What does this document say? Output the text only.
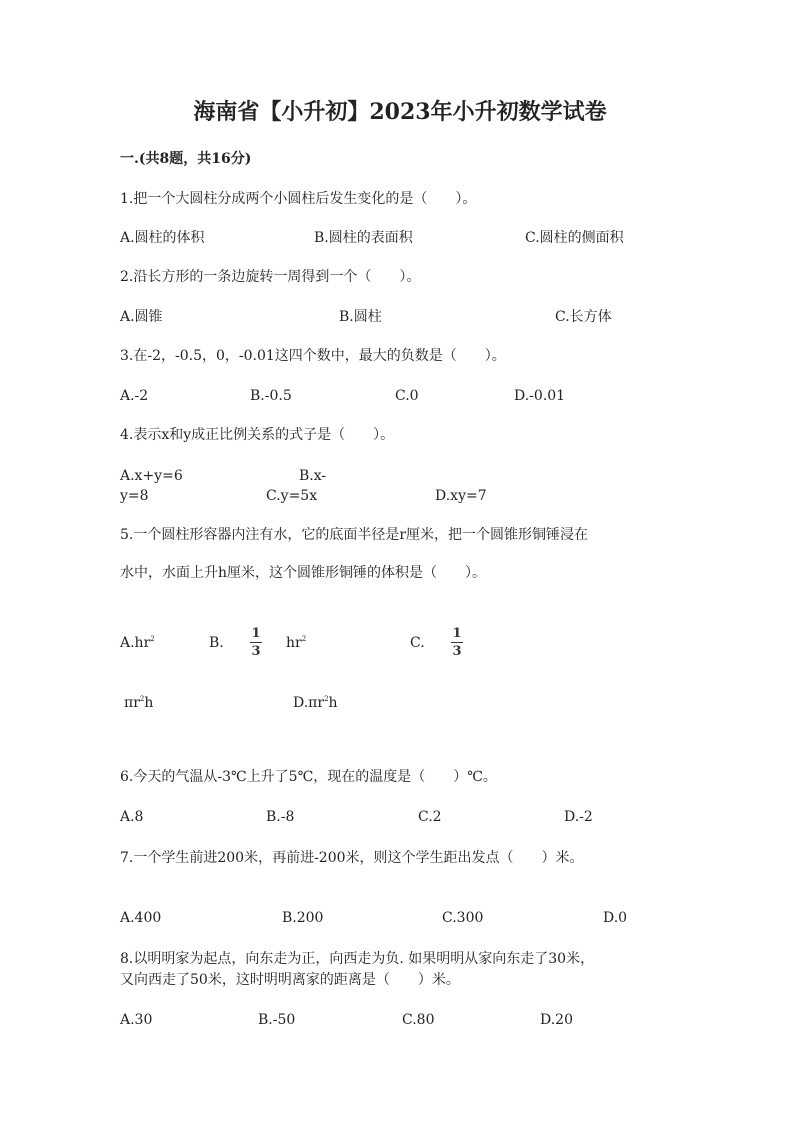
海南省【小升初】2023年小升初数学试卷
一.(共8题，共16分)
1.把一个大圆柱分成两个小圆柱后发生变化的是（　　）。
A.圆柱的体积	B.圆柱的表面积	C.圆柱的侧面积
2.沿长方形的一条边旋转一周得到一个（　　）。
A.圆锥	B.圆柱	C.长方体
3.在-2，-0.5，0，-0.01这四个数中，最大的负数是（　　）。
A.-2	B.-0.5	C.0	D.-0.01
4.表示x和y成正比例关系的式子是（　　）。
A.x+y=6	B.x-
y=8	C.y=5x	D.xy=7
5.一个圆柱形容器内注有水，它的底面半径是r厘米，把一个圆锥形铜锤浸在
水中，水面上升h厘米，这个圆锥形铜锤的体积是（　　）。
$A.hr^2$	B.
1
3
$hr^2$	C.
1
3
$\pi r^2h$	$D.\pi r^2h$
6.今天的气温从-3℃上升了5℃，现在的温度是（　　）℃。
A.8	B.-8	C.2	D.-2
7.一个学生前进200米，再前进-200米，则这个学生距出发点（　　）米。
A.400	B.200	C.300	D.0
8.以明明家为起点，向东走为正，向西走为负. 如果明明从家向东走了30米，
又向西走了50米，这时明明离家的距离是（　　）米。
A.30	B.-50	C.80	D.20
